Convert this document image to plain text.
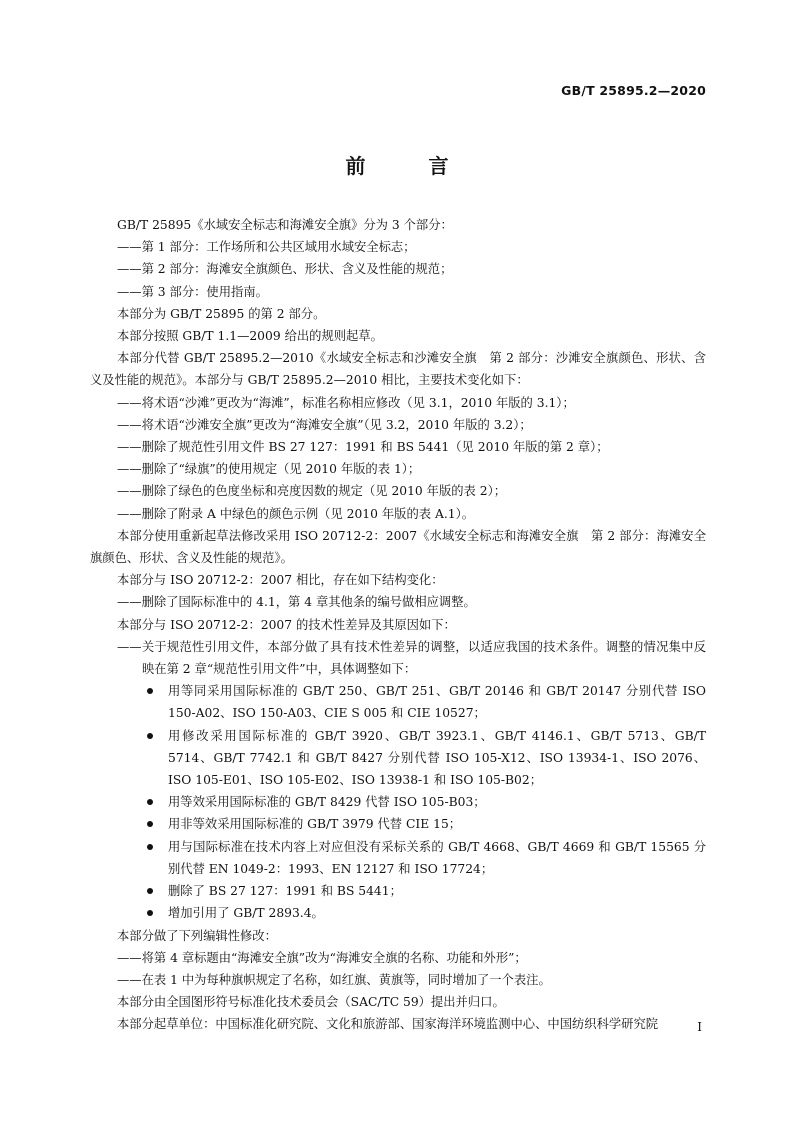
GB/T 25895.2—2020
前 言
GB/T 25895《水域安全标志和海滩安全旗》分为 3 个部分：
——第 1 部分：工作场所和公共区域用水域安全标志；
——第 2 部分：海滩安全旗颜色、形状、含义及性能的规范；
——第 3 部分：使用指南。
本部分为 GB/T 25895 的第 2 部分。
本部分按照 GB/T 1.1—2009 给出的规则起草。
本部分代替 GB/T 25895.2—2010《水域安全标志和沙滩安全旗　第 2 部分：沙滩安全旗颜色、形状、含义及性能的规范》。本部分与 GB/T 25895.2—2010 相比，主要技术变化如下：
——将术语“沙滩”更改为“海滩”，标准名称相应修改（见 3.1，2010 年版的 3.1）；
——将术语“沙滩安全旗”更改为“海滩安全旗”（见 3.2，2010 年版的 3.2）；
——删除了规范性引用文件 BS 27 127：1991 和 BS 5441（见 2010 年版的第 2 章）；
——删除了“绿旗”的使用规定（见 2010 年版的表 1）；
——删除了绿色的色度坐标和亮度因数的规定（见 2010 年版的表 2）；
——删除了附录 A 中绿色的颜色示例（见 2010 年版的表 A.1）。
本部分使用重新起草法修改采用 ISO 20712-2：2007《水域安全标志和海滩安全旗　第 2 部分：海滩安全旗颜色、形状、含义及性能的规范》。
本部分与 ISO 20712-2：2007 相比，存在如下结构变化：
——删除了国际标准中的 4.1，第 4 章其他条的编号做相应调整。
本部分与 ISO 20712-2：2007 的技术性差异及其原因如下：
——关于规范性引用文件，本部分做了具有技术性差异的调整，以适应我国的技术条件。调整的情况集中反映在第 2 章“规范性引用文件”中，具体调整如下：
用等同采用国际标准的 GB/T 250、GB/T 251、GB/T 20146 和 GB/T 20147 分别代替 ISO 150-A02、ISO 150-A03、CIE S 005 和 CIE 10527；
用修改采用国际标准的 GB/T 3920、GB/T 3923.1、GB/T 4146.1、GB/T 5713、GB/T 5714、GB/T 7742.1 和 GB/T 8427 分别代替 ISO 105-X12、ISO 13934-1、ISO 2076、ISO 105-E01、ISO 105-E02、ISO 13938-1 和 ISO 105-B02；
用等效采用国际标准的 GB/T 8429 代替 ISO 105-B03；
用非等效采用国际标准的 GB/T 3979 代替 CIE 15；
用与国际标准在技术内容上对应但没有采标关系的 GB/T 4668、GB/T 4669 和 GB/T 15565 分别代替 EN 1049-2：1993、EN 12127 和 ISO 17724；
删除了 BS 27 127：1991 和 BS 5441；
增加引用了 GB/T 2893.4。
本部分做了下列编辑性修改：
——将第 4 章标题由“海滩安全旗”改为“海滩安全旗的名称、功能和外形”；
——在表 1 中为每种旗帜规定了名称，如红旗、黄旗等，同时增加了一个表注。
本部分由全国图形符号标准化技术委员会（SAC/TC 59）提出并归口。
本部分起草单位：中国标准化研究院、文化和旅游部、国家海洋环境监测中心、中国纺织科学研究院	I
